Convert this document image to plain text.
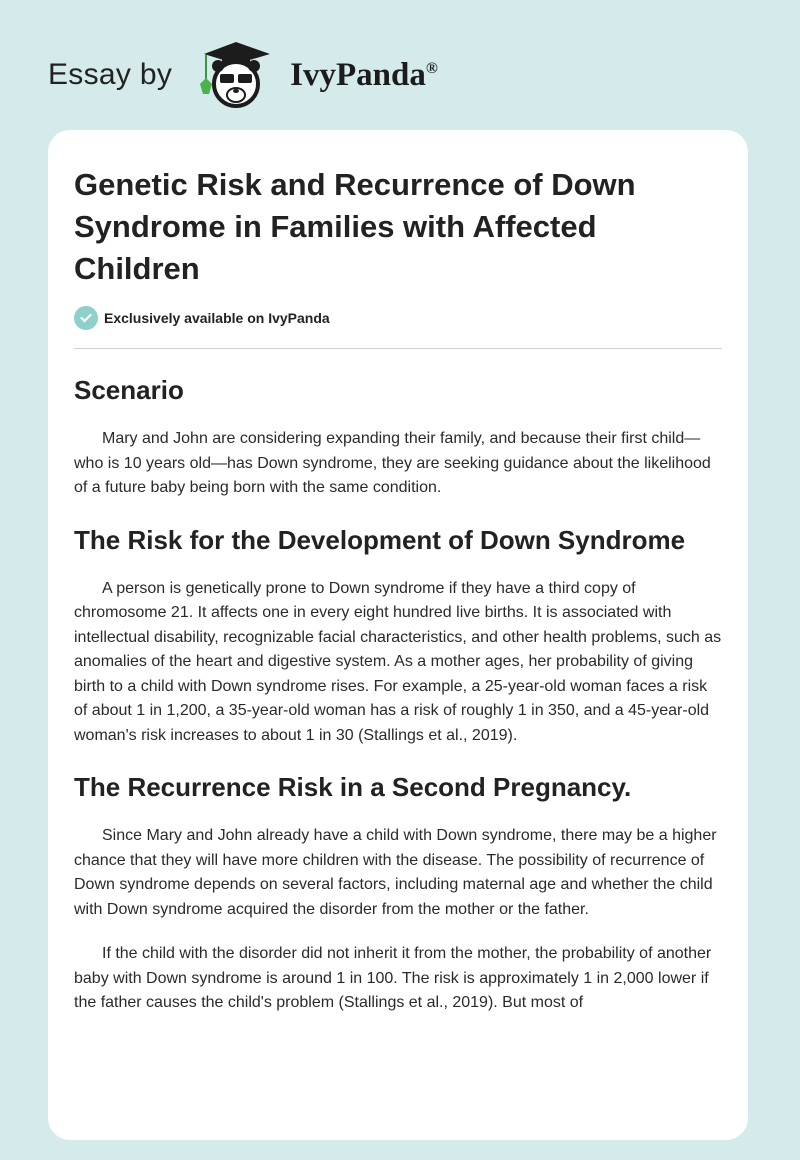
Essay by	IvyPanda®
Genetic Risk and Recurrence of Down Syndrome in Families with Affected Children
Exclusively available on IvyPanda
Scenario

Mary and John are considering expanding their family, and because their first child—who is 10 years old—has Down syndrome, they are seeking guidance about the likelihood of a future baby being born with the same condition.

The Risk for the Development of Down Syndrome

A person is genetically prone to Down syndrome if they have a third copy of chromosome 21. It affects one in every eight hundred live births. It is associated with intellectual disability, recognizable facial characteristics, and other health problems, such as anomalies of the heart and digestive system. As a mother ages, her probability of giving birth to a child with Down syndrome rises. For example, a 25-year-old woman faces a risk of about 1 in 1,200, a 35-year-old woman has a risk of roughly 1 in 350, and a 45-year-old woman's risk increases to about 1 in 30 (Stallings et al., 2019).

The Recurrence Risk in a Second Pregnancy.

Since Mary and John already have a child with Down syndrome, there may be a higher chance that they will have more children with the disease. The possibility of recurrence of Down syndrome depends on several factors, including maternal age and whether the child with Down syndrome acquired the disorder from the mother or the father.

If the child with the disorder did not inherit it from the mother, the probability of another baby with Down syndrome is around 1 in 100. The risk is approximately 1 in 2,000 lower if the father causes the child's problem (Stallings et al., 2019). But most of
